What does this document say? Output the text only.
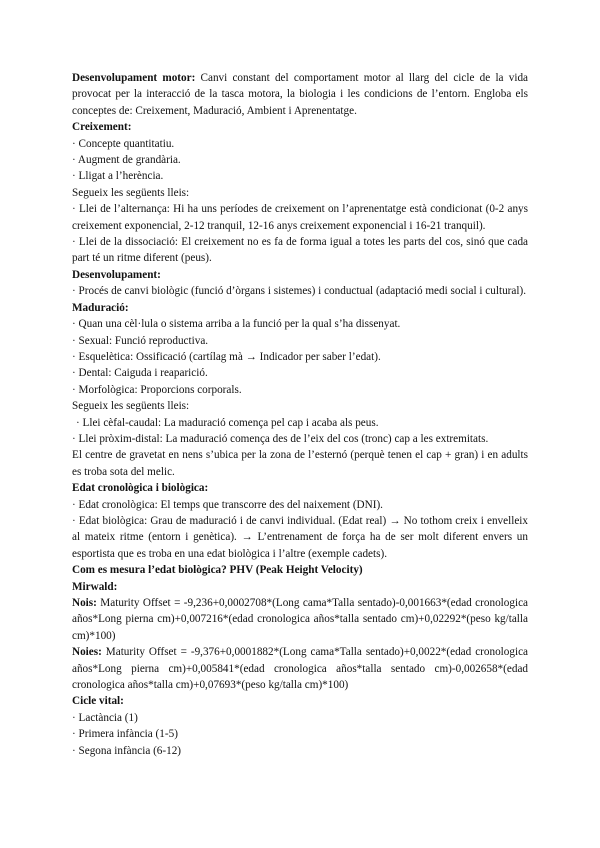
Desenvolupament motor: Canvi constant del comportament motor al llarg del cicle de la vida provocat per la interacció de la tasca motora, la biologia i les condicions de l’entorn. Engloba els conceptes de: Creixement, Maduració, Ambient i Aprenentatge.

Creixement:

· Concepte quantitatiu.

· Augment de grandària.

· Lligat a l’herència.

Segueix les següents lleis:

· Llei de l’alternança: Hi ha uns períodes de creixement on l’aprenentatge està condicionat (0-2 anys creixement exponencial, 2-12 tranquil, 12-16 anys creixement exponencial i 16-21 tranquil).

· Llei de la dissociació: El creixement no es fa de forma igual a totes les parts del cos, sinó que cada part té un ritme diferent (peus).

Desenvolupament:

· Procés de canvi biològic (funció d’òrgans i sistemes) i conductual (adaptació medi social i cultural).

Maduració:

· Quan una cèl·lula o sistema arriba a la funció per la qual s’ha dissenyat.

· Sexual: Funció reproductiva.

· Esquelètica: Ossificació (cartílag mà → Indicador per saber l’edat).

· Dental: Caiguda i reaparició.

· Morfològica: Proporcions corporals.

Segueix les següents lleis:

· Llei cèfal-caudal: La maduració comença pel cap i acaba als peus.

· Llei pròxim-distal: La maduració comença des de l’eix del cos (tronc) cap a les extremitats.

El centre de gravetat en nens s’ubica per la zona de l’esternó (perquè tenen el cap + gran) i en adults es troba sota del melic.

Edat cronològica i biològica:

· Edat cronològica: El temps que transcorre des del naixement (DNI).

· Edat biològica: Grau de maduració i de canvi individual. (Edat real) → No tothom creix i envelleix al mateix ritme (entorn i genètica). → L’entrenament de força ha de ser molt diferent envers un esportista que es troba en una edat biològica i l’altre (exemple cadets).

Com es mesura l’edat biològica? PHV (Peak Height Velocity)

Mirwald:

Nois: Maturity Offset = -9,236+0,0002708*(Long cama*Talla sentado)-0,001663*(edad cronologica años*Long pierna cm)+0,007216*(edad cronologica años*talla sentado cm)+0,02292*(peso kg/talla cm)*100)

Noies: Maturity Offset = -9,376+0,0001882*(Long cama*Talla sentado)+0,0022*(edad cronologica años*Long pierna cm)+0,005841*(edad cronologica años*talla sentado cm)-0,002658*(edad cronologica años*talla cm)+0,07693*(peso kg/talla cm)*100)

Cicle vital:

· Lactància (1)

· Primera infància (1-5)

· Segona infància (6-12)
